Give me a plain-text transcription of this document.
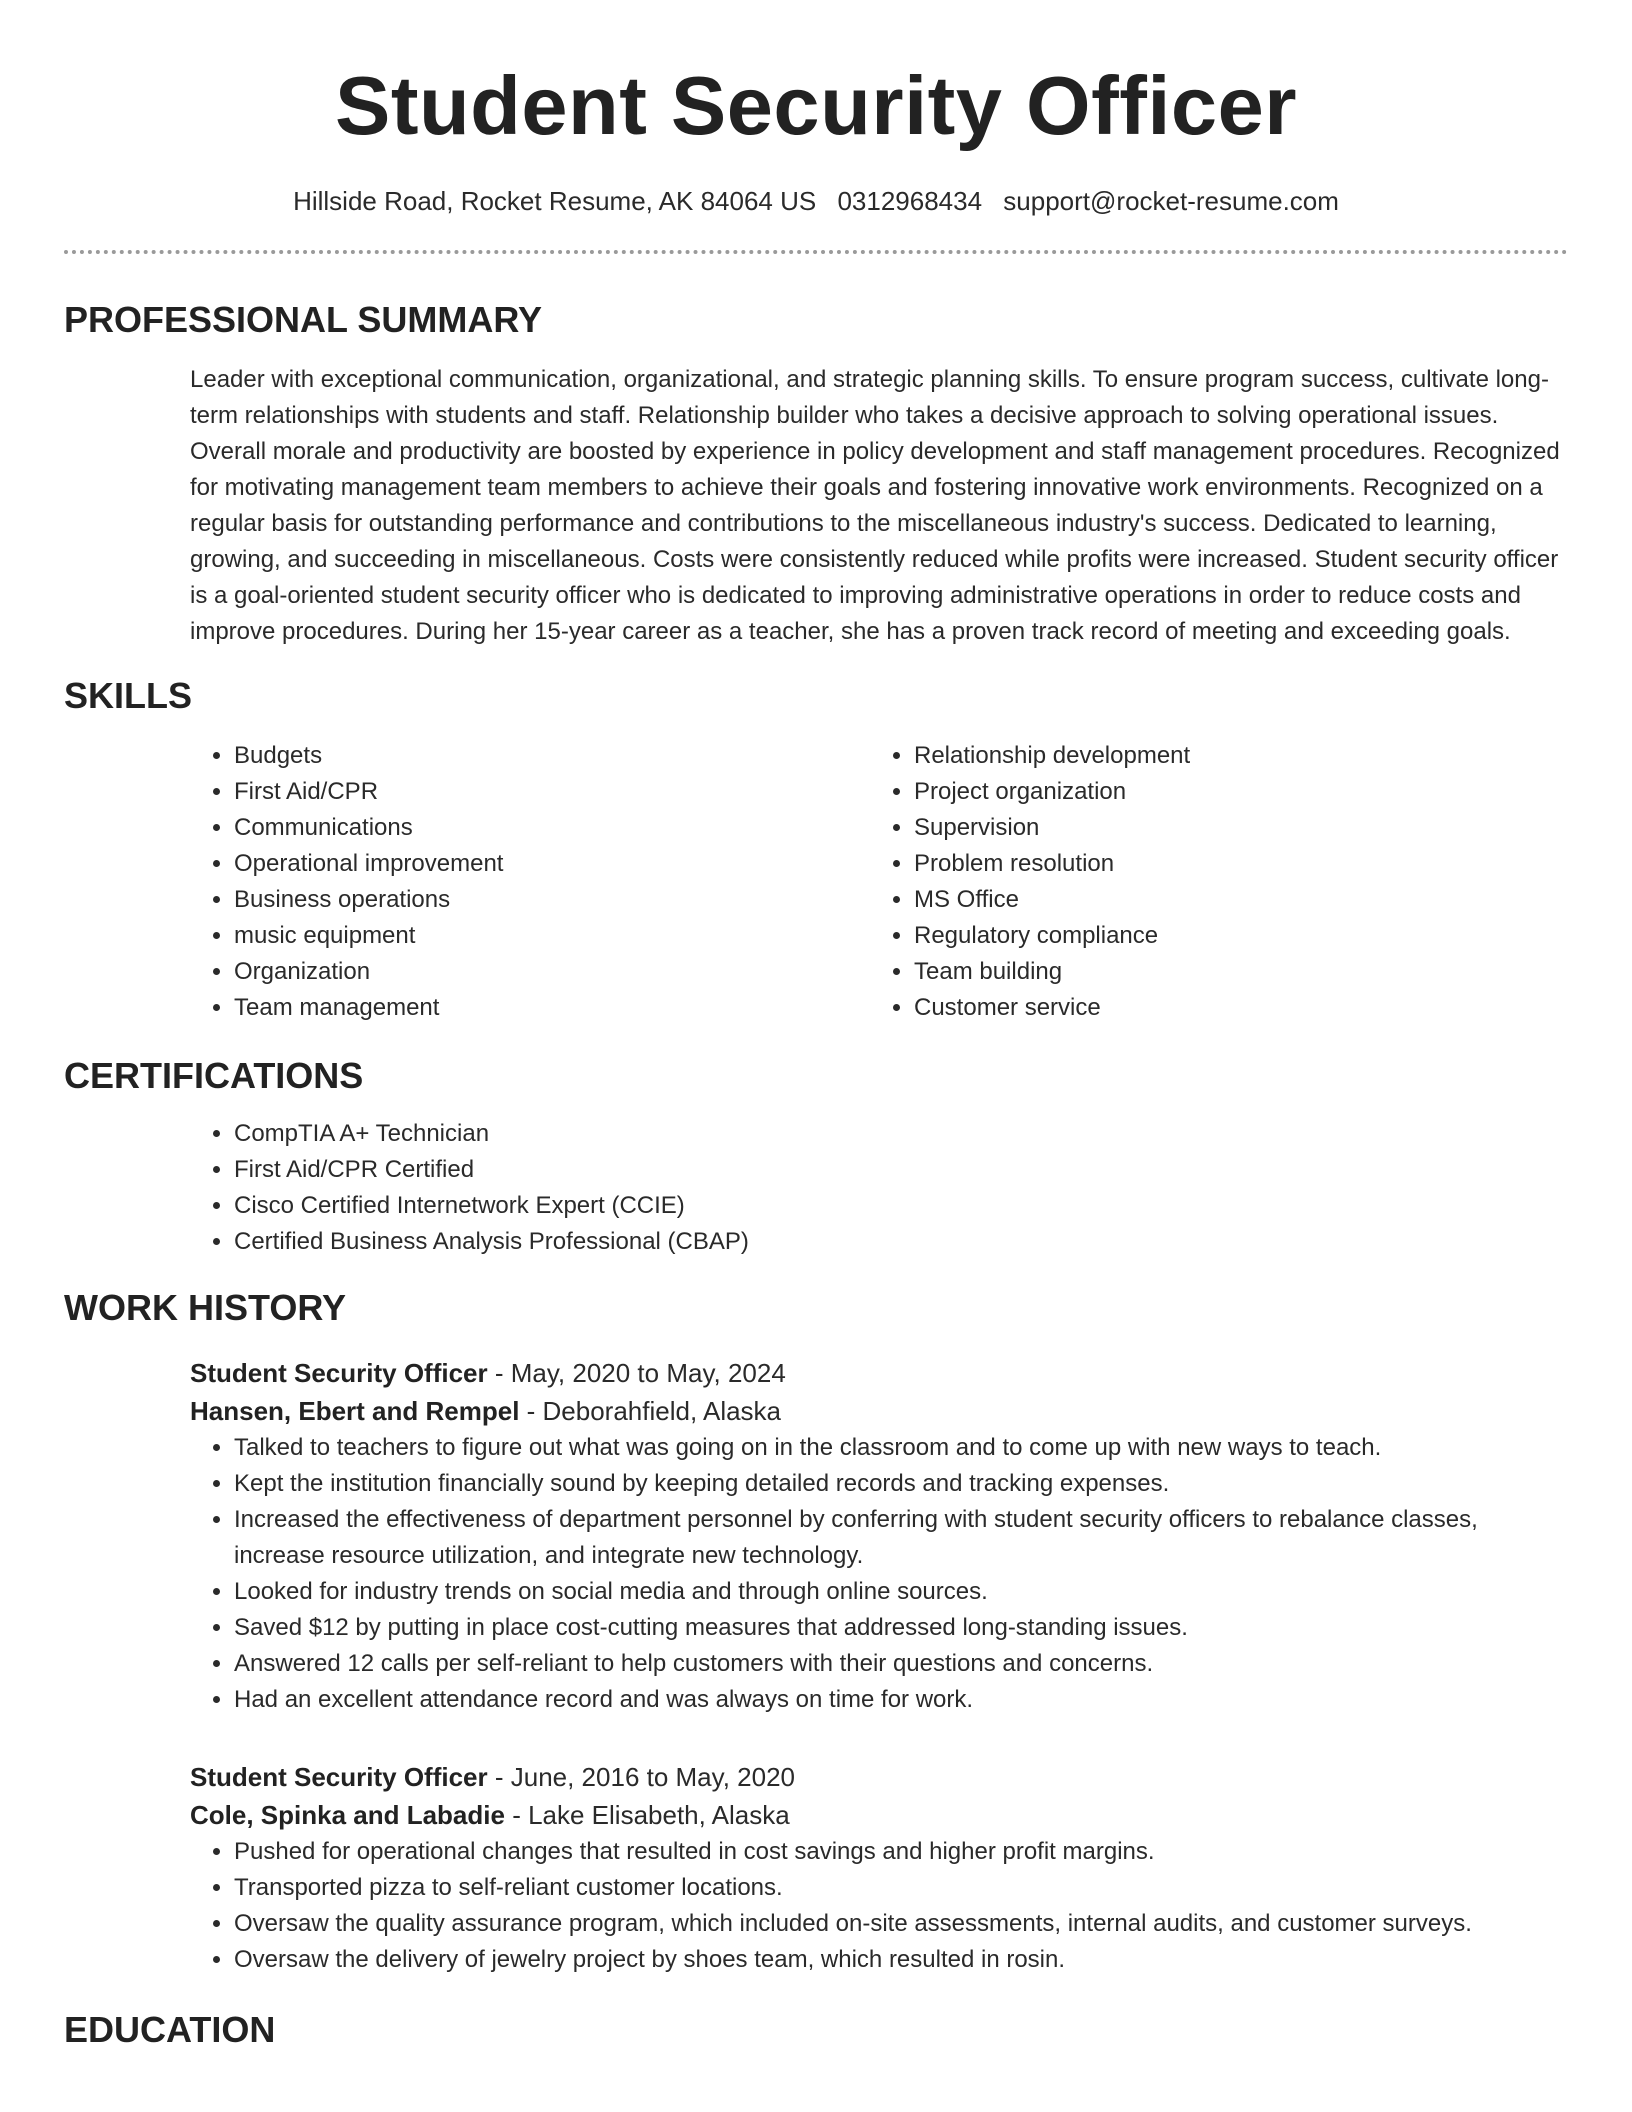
Student Security Officer
Hillside Road, Rocket Resume, AK 84064 US 0312968434 support@rocket-resume.com
PROFESSIONAL SUMMARY

Leader with exceptional communication, organizational, and strategic planning skills. To ensure program success, cultivate long-term relationships with students and staff. Relationship builder who takes a decisive approach to solving operational issues. Overall morale and productivity are boosted by experience in policy development and staff management procedures. Recognized for motivating management team members to achieve their goals and fostering innovative work environments. Recognized on a regular basis for outstanding performance and contributions to the miscellaneous industry's success. Dedicated to learning, growing, and succeeding in miscellaneous. Costs were consistently reduced while profits were increased. Student security officer is a goal-oriented student security officer who is dedicated to improving administrative operations in order to reduce costs and improve procedures. During her 15-year career as a teacher, she has a proven track record of meeting and exceeding goals.

SKILLS
• Budgets
• First Aid/CPR
• Communications
• Operational improvement
• Business operations
• music equipment
• Organization
• Team management
• Relationship development
• Project organization
• Supervision
• Problem resolution
• MS Office
• Regulatory compliance
• Team building
• Customer service
CERTIFICATIONS
• CompTIA A+ Technician
• First Aid/CPR Certified
• Cisco Certified Internetwork Expert (CCIE)
• Certified Business Analysis Professional (CBAP)
WORK HISTORY
Student Security Officer - May, 2020 to May, 2024
Hansen, Ebert and Rempel - Deborahfield, Alaska
• Talked to teachers to figure out what was going on in the classroom and to come up with new ways to teach.
• Kept the institution financially sound by keeping detailed records and tracking expenses.
• Increased the effectiveness of department personnel by conferring with student security officers to rebalance classes, increase resource utilization, and integrate new technology.
• Looked for industry trends on social media and through online sources.
• Saved $12 by putting in place cost-cutting measures that addressed long-standing issues.
• Answered 12 calls per self-reliant to help customers with their questions and concerns.
• Had an excellent attendance record and was always on time for work.
Student Security Officer - June, 2016 to May, 2020
Cole, Spinka and Labadie - Lake Elisabeth, Alaska
• Pushed for operational changes that resulted in cost savings and higher profit margins.
• Transported pizza to self-reliant customer locations.
• Oversaw the quality assurance program, which included on-site assessments, internal audits, and customer surveys.
• Oversaw the delivery of jewelry project by shoes team, which resulted in rosin.
EDUCATION
